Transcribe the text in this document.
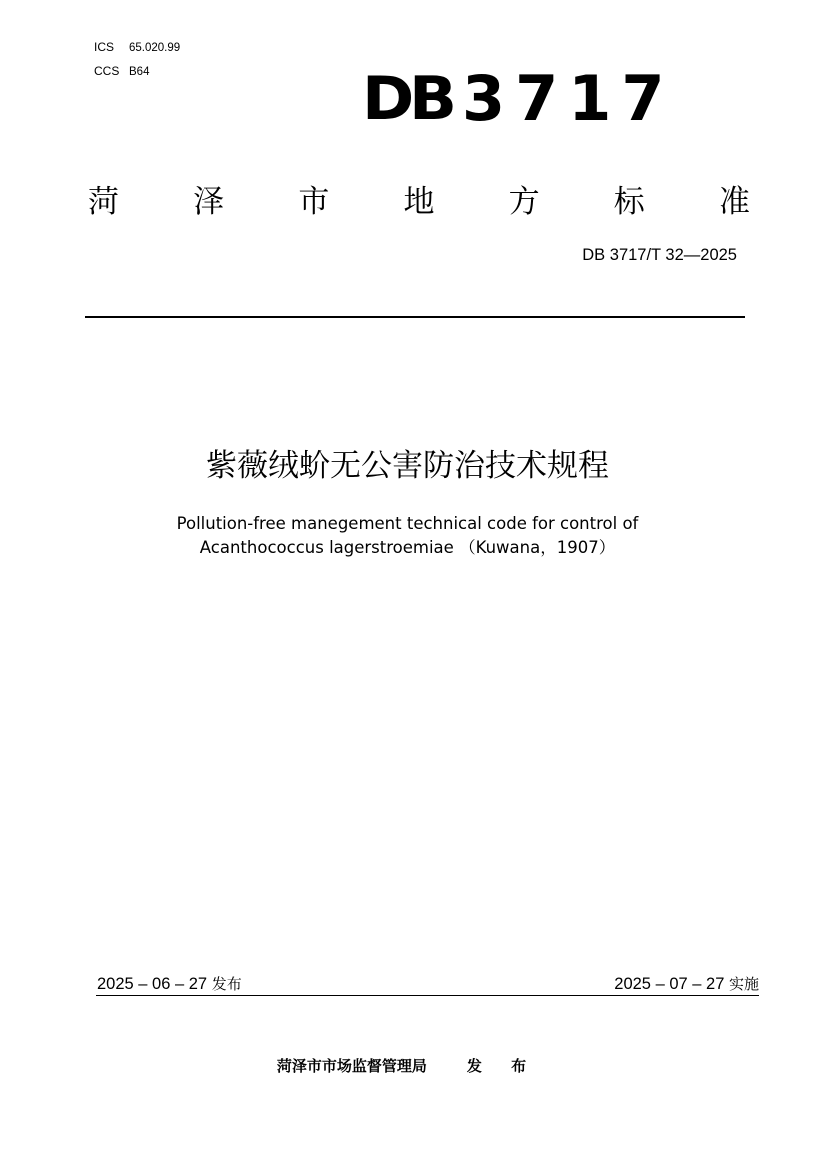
ICS 65.020.99
CCS B64	DB 3717
菏 泽 市 地 方 标 准
DB 3717/T 32—2025
紫薇绒蚧无公害防治技术规程
Pollution-free manegement technical code for control of
Acanthococcus lagerstroemiae （Kuwana，1907）
2025 – 06 – 27 发布	2025 – 07 – 27 实施
菏泽市市场监督管理局	发 布
